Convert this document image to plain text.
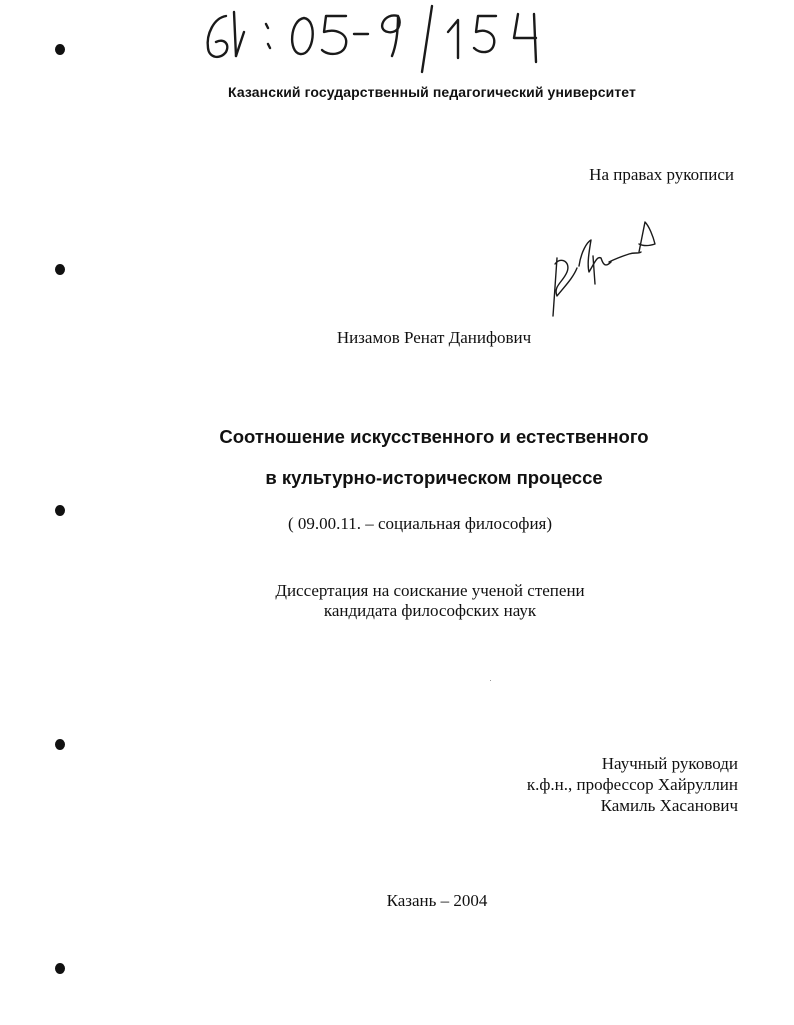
Казанский государственный педагогический университет
На правах рукописи
Низамов Ренат Данифович
Соотношение искусственного и естественного
в культурно-историческом процессе
( 09.00.11. – социальная философия)
Диссертация на соискание ученой степени
кандидата философских наук
Научный руководи
к.ф.н., профессор Хайруллин
Камиль Хасанович
Казань – 2004
